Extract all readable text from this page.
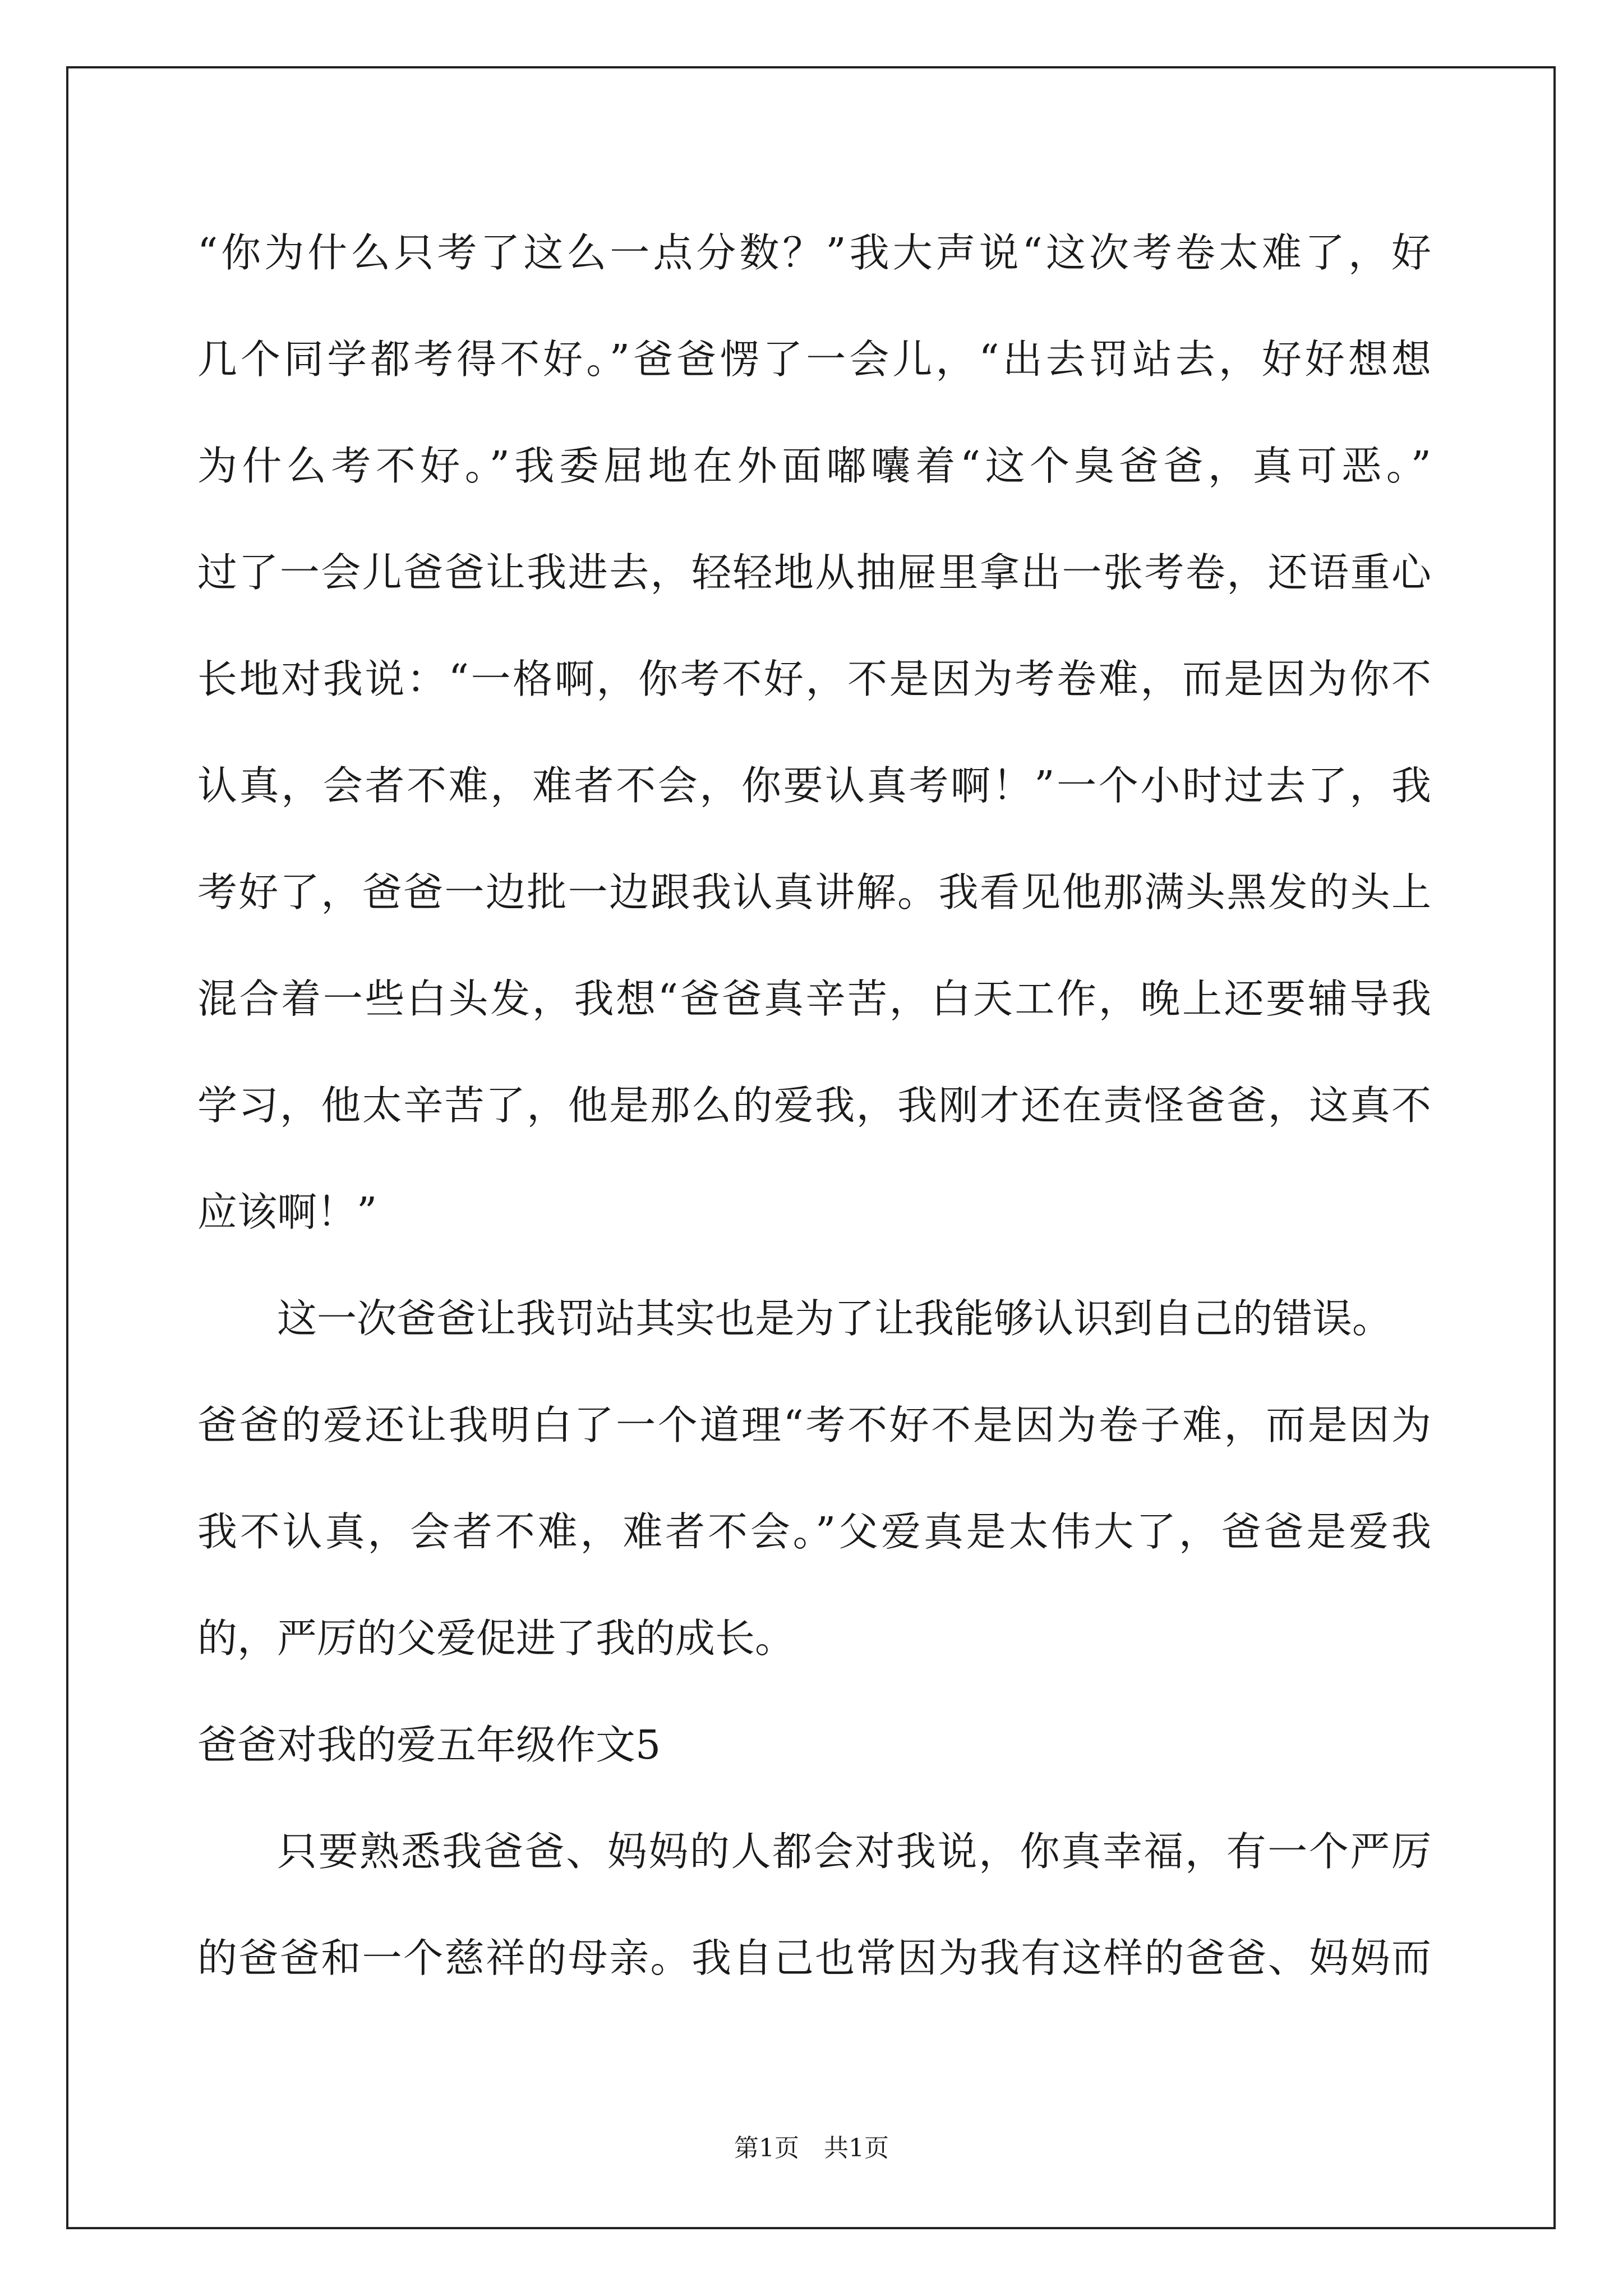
“你为什么只考了这么一点分数？”我大声说“这次考卷太难了，好
几个同学都考得不好。”爸爸愣了一会儿，“出去罚站去，好好想想
为什么考不好。”我委屈地在外面嘟囔着“这个臭爸爸，真可恶。”
过了一会儿爸爸让我进去，轻轻地从抽屉里拿出一张考卷，还语重心
长地对我说：“一格啊，你考不好，不是因为考卷难，而是因为你不
认真，会者不难，难者不会，你要认真考啊！”一个小时过去了，我
考好了，爸爸一边批一边跟我认真讲解。我看见他那满头黑发的头上
混合着一些白头发，我想“爸爸真辛苦，白天工作，晚上还要辅导我
学习，他太辛苦了，他是那么的爱我，我刚才还在责怪爸爸，这真不
应该啊！”
这一次爸爸让我罚站其实也是为了让我能够认识到自己的错误。
爸爸的爱还让我明白了一个道理“考不好不是因为卷子难，而是因为
我不认真，会者不难，难者不会。”父爱真是太伟大了，爸爸是爱我
的，严厉的父爱促进了我的成长。
爸爸对我的爱五年级作文5
只要熟悉我爸爸、妈妈的人都会对我说，你真幸福，有一个严厉
的爸爸和一个慈祥的母亲。我自己也常因为我有这样的爸爸、妈妈而
第1页　共1页
